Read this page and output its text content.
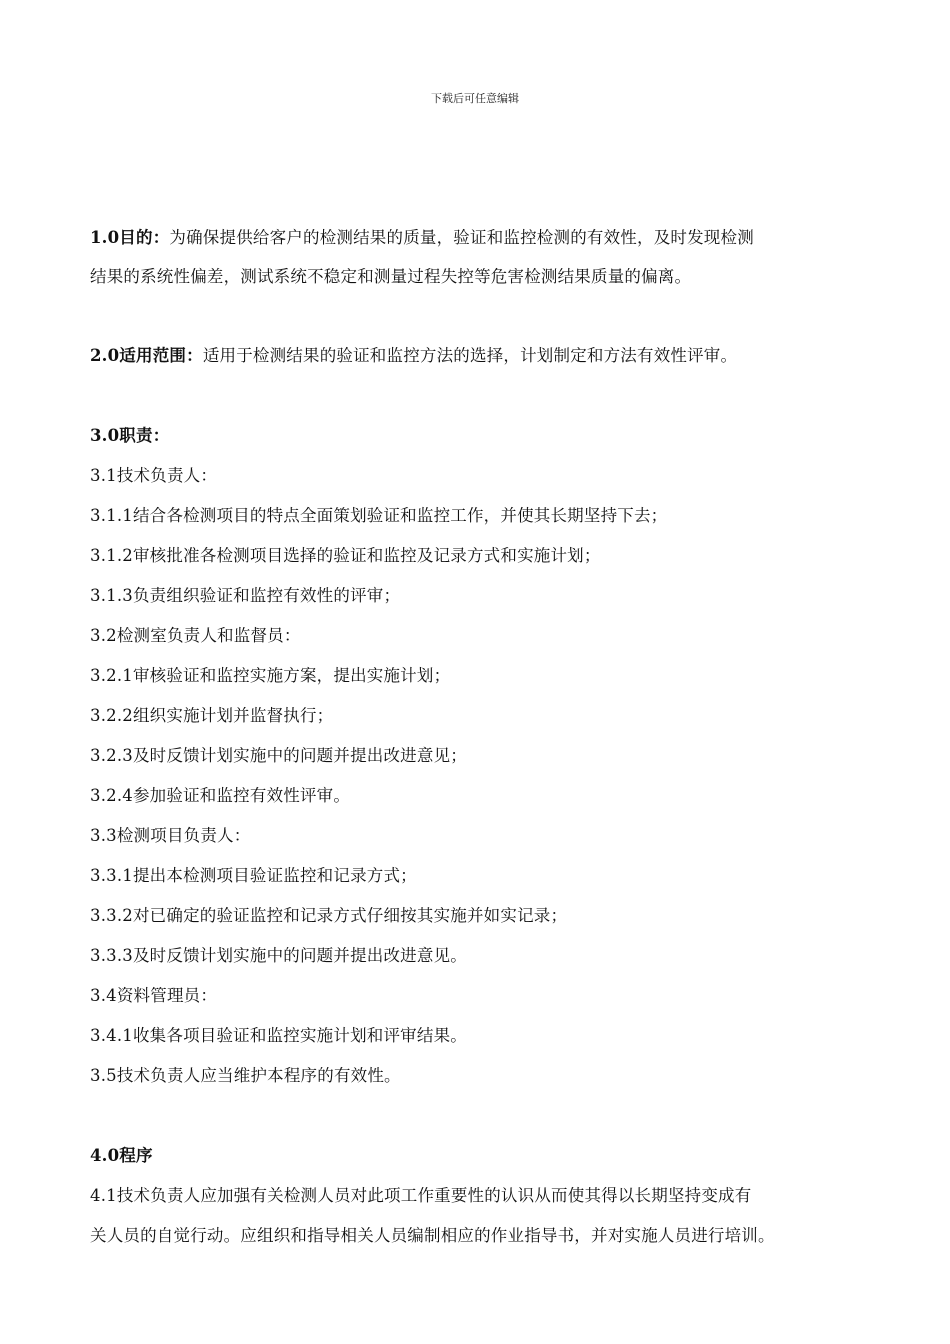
下载后可任意编辑
1.0目的：为确保提供给客户的检测结果的质量，验证和监控检测的有效性，及时发现检测
结果的系统性偏差，测试系统不稳定和测量过程失控等危害检测结果质量的偏离。
2.0适用范围：适用于检测结果的验证和监控方法的选择，计划制定和方法有效性评审。
3.0职责：
3.1技术负责人：
3.1.1结合各检测项目的特点全面策划验证和监控工作，并使其长期坚持下去；
3.1.2审核批准各检测项目选择的验证和监控及记录方式和实施计划；
3.1.3负责组织验证和监控有效性的评审；
3.2检测室负责人和监督员：
3.2.1审核验证和监控实施方案，提出实施计划；
3.2.2组织实施计划并监督执行；
3.2.3及时反馈计划实施中的问题并提出改进意见；
3.2.4参加验证和监控有效性评审。
3.3检测项目负责人：
3.3.1提出本检测项目验证监控和记录方式；
3.3.2对已确定的验证监控和记录方式仔细按其实施并如实记录；
3.3.3及时反馈计划实施中的问题并提出改进意见。
3.4资料管理员：
3.4.1收集各项目验证和监控实施计划和评审结果。
3.5技术负责人应当维护本程序的有效性。
4.0程序
4.1技术负责人应加强有关检测人员对此项工作重要性的认识从而使其得以长期坚持变成有
关人员的自觉行动。应组织和指导相关人员编制相应的作业指导书，并对实施人员进行培训。
